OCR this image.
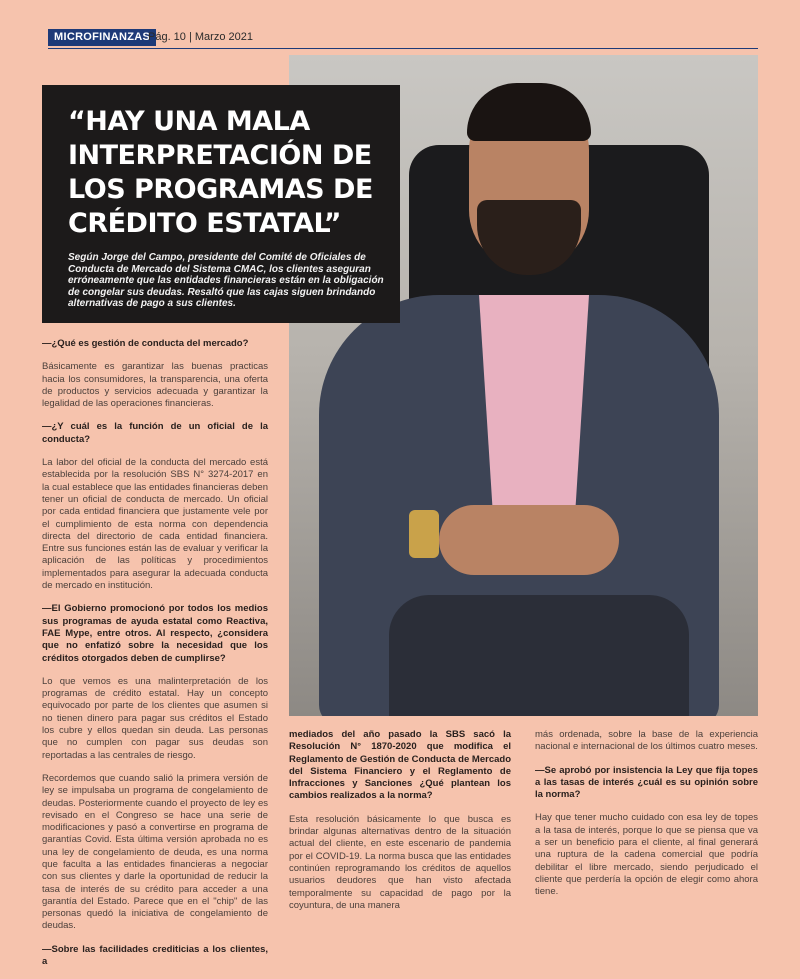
MICROFINANZAS
Pág. 10 | Marzo 2021
“HAY UNA MALA INTERPRETACIÓN DE LOS PROGRAMAS DE CRÉDITO ESTATAL”

Según Jorge del Campo, presidente del Comité de Oficiales de Conducta de Mercado del Sistema CMAC, los clientes aseguran erróneamente que las entidades financieras están en la obligación de congelar sus deudas. Resaltó que las cajas siguen brindando alternativas de pago a sus clientes.

—¿Qué es gestión de conducta del mercado?

Básicamente es garantizar las buenas practicas hacia los consumidores, la transparencia, una oferta de productos y servicios adecuada y garantizar la legalidad de las operaciones financieras.

—¿Y cuál es la función de un oficial de la conducta?

La labor del oficial de la conducta del mercado está establecida por la resolución SBS N° 3274-2017 en la cual establece que las entidades financieras deben tener un oficial de conducta de mercado. Un oficial por cada entidad financiera que justamente vele por el cumplimiento de esta norma con dependencia directa del directorio de cada entidad financiera. Entre sus funciones están las de evaluar y verificar la aplicación de las políticas y procedimientos implementados para asegurar la adecuada conducta de mercado en institución.

—El Gobierno promocionó por todos los medios sus programas de ayuda estatal como Reactiva, FAE Mype, entre otros. Al respecto, ¿considera que no enfatizó sobre la necesidad que los créditos otorgados deben de cumplirse?

Lo que vemos es una malinterpretación de los programas de crédito estatal. Hay un concepto equivocado por parte de los clientes que asumen si no tienen dinero para pagar sus créditos el Estado los cubre y ellos quedan sin deuda. Las personas que no cumplen con pagar sus deudas son reportadas a las centrales de riesgo.

Recordemos que cuando salió la primera versión de ley se impulsaba un programa de congelamiento de deudas. Posteriormente cuando el proyecto de ley es revisado en el Congreso se hace una serie de modificaciones y pasó a convertirse en programa de garantías Covid. Esta última versión aprobada no es una ley de congelamiento de deuda, es una norma que faculta a las entidades financieras a negociar con sus clientes y darle la oportunidad de reducir la tasa de interés de su crédito para acceder a una garantía del Estado. Parece que en el "chip" de las personas quedó la iniciativa de congelamiento de deudas.

—Sobre las facilidades crediticias a los clientes, a

mediados del año pasado la SBS sacó la Resolución N° 1870-2020 que modifica el Reglamento de Gestión de Conducta de Mercado del Sistema Financiero y el Reglamento de Infracciones y Sanciones ¿Qué plantean los cambios realizados a la norma?

Esta resolución básicamente lo que busca es brindar algunas alternativas dentro de la situación actual del cliente, en este escenario de pandemia por el COVID-19. La norma busca que las entidades continúen reprogramando los créditos de aquellos usuarios deudores que han visto afectada temporalmente su capacidad de pago por la coyuntura, de una manera

más ordenada, sobre la base de la experiencia nacional e internacional de los últimos cuatro meses.

—Se aprobó por insistencia la Ley que fija topes a las tasas de interés ¿cuál es su opinión sobre la norma?

Hay que tener mucho cuidado con esa ley de topes a la tasa de interés, porque lo que se piensa que va a ser un beneficio para el cliente, al final generará una ruptura de la cadena comercial que podría debilitar el libre mercado, siendo perjudicado el cliente que perdería la opción de elegir como ahora tiene.
